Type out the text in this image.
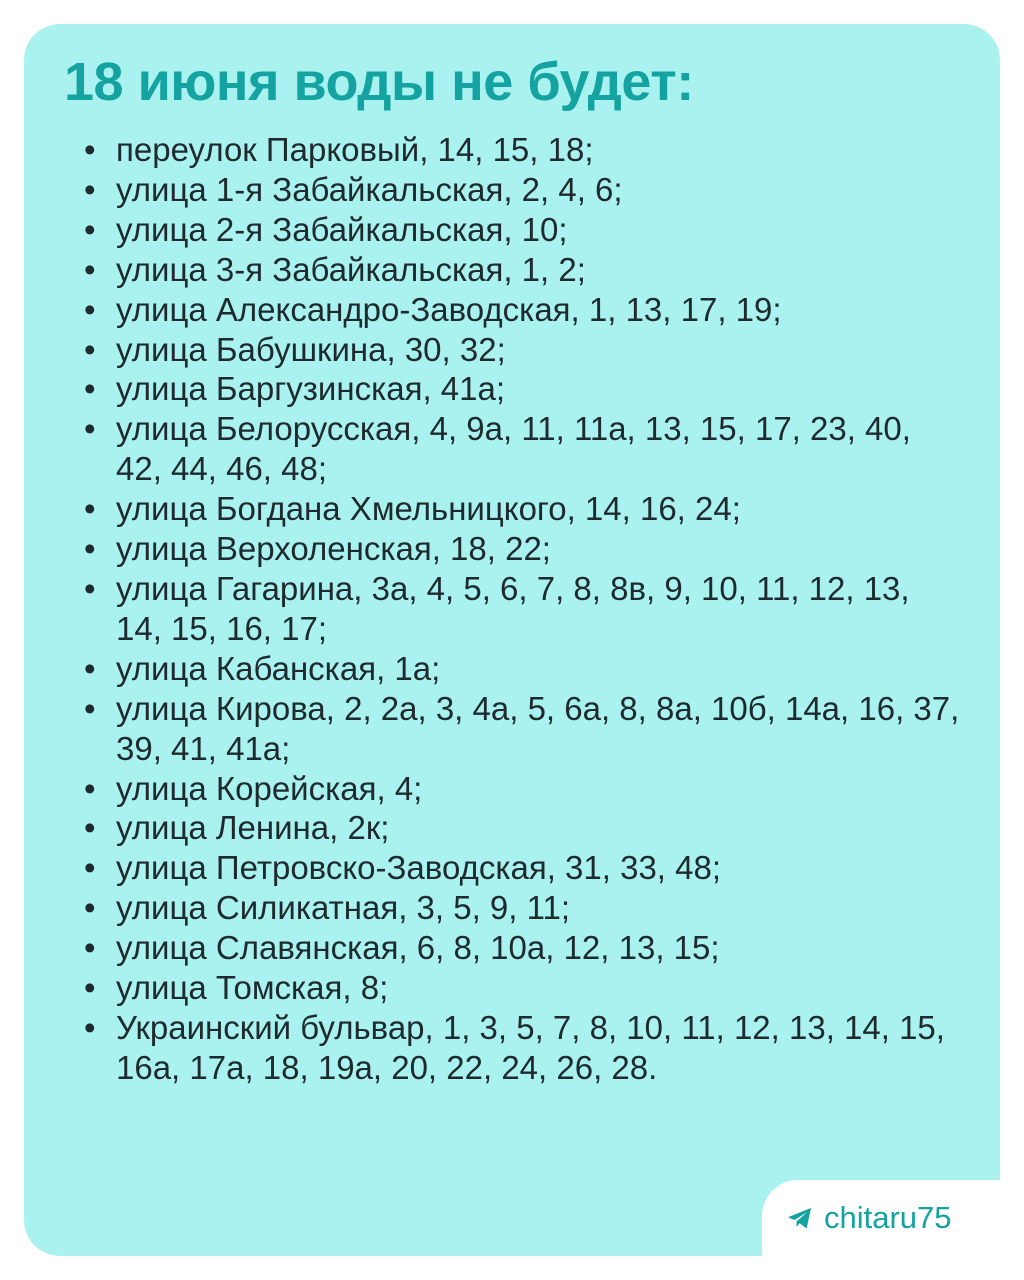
18 июня воды не будет:
• переулок Парковый, 14, 15, 18;
• улица 1-я Забайкальская, 2, 4, 6;
• улица 2-я Забайкальская, 10;
• улица 3-я Забайкальская, 1, 2;
• улица Александро-Заводская, 1, 13, 17, 19;
• улица Бабушкина, 30, 32;
• улица Баргузинская, 41а;
• улица Белорусская, 4, 9а, 11, 11а, 13, 15, 17, 23, 40, 42, 44, 46, 48;
• улица Богдана Хмельницкого, 14, 16, 24;
• улица Верхоленская, 18, 22;
• улица Гагарина, 3а, 4, 5, 6, 7, 8, 8в, 9, 10, 11, 12, 13, 14, 15, 16, 17;
• улица Кабанская, 1а;
• улица Кирова, 2, 2а, 3, 4а, 5, 6а, 8, 8а, 10б, 14а, 16, 37, 39, 41, 41а;
• улица Корейская, 4;
• улица Ленина, 2к;
• улица Петровско-Заводская, 31, 33, 48;
• улица Силикатная, 3, 5, 9, 11;
• улица Славянская, 6, 8, 10а, 12, 13, 15;
• улица Томская, 8;
• Украинский бульвар, 1, 3, 5, 7, 8, 10, 11, 12, 13, 14, 15, 16а, 17а, 18, 19а, 20, 22, 24, 26, 28.
chitaru75
